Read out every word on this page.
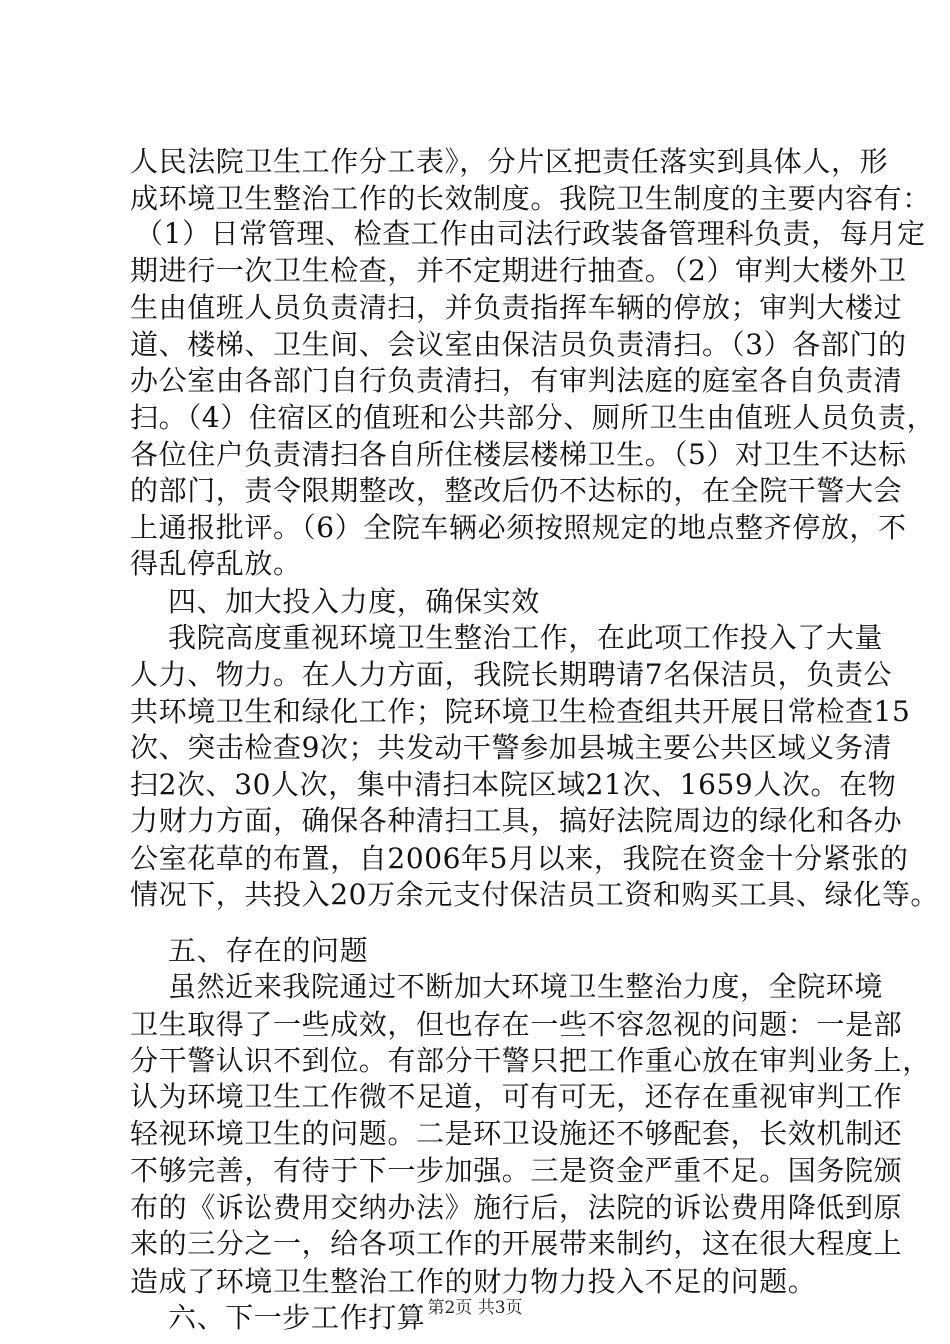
人民法院卫生工作分工表》，分片区把责任落实到具体人，形
成环境卫生整治工作的长效制度。我院卫生制度的主要内容有：
（1）日常管理、检查工作由司法行政装备管理科负责，每月定
期进行一次卫生检查，并不定期进行抽查。（2）审判大楼外卫
生由值班人员负责清扫，并负责指挥车辆的停放；审判大楼过
道、楼梯、卫生间、会议室由保洁员负责清扫。（3）各部门的
办公室由各部门自行负责清扫，有审判法庭的庭室各自负责清
扫。（4）住宿区的值班和公共部分、厕所卫生由值班人员负责，
各位住户负责清扫各自所住楼层楼梯卫生。（5）对卫生不达标
的部门，责令限期整改，整改后仍不达标的，在全院干警大会
上通报批评。（6）全院车辆必须按照规定的地点整齐停放，不
得乱停乱放。
四、加大投入力度，确保实效
我院高度重视环境卫生整治工作，在此项工作投入了大量
人力、物力。在人力方面，我院长期聘请7名保洁员，负责公
共环境卫生和绿化工作；院环境卫生检查组共开展日常检查15
次、突击检查9次；共发动干警参加县城主要公共区域义务清
扫2次、30人次，集中清扫本院区域21次、1659人次。在物
力财力方面，确保各种清扫工具，搞好法院周边的绿化和各办
公室花草的布置，自2006年5月以来，我院在资金十分紧张的
情况下，共投入20万余元支付保洁员工资和购买工具、绿化等。
五、存在的问题
虽然近来我院通过不断加大环境卫生整治力度，全院环境
卫生取得了一些成效，但也存在一些不容忽视的问题：一是部
分干警认识不到位。有部分干警只把工作重心放在审判业务上，
认为环境卫生工作微不足道，可有可无，还存在重视审判工作
轻视环境卫生的问题。二是环卫设施还不够配套，长效机制还
不够完善，有待于下一步加强。三是资金严重不足。国务院颁
布的《诉讼费用交纳办法》施行后，法院的诉讼费用降低到原
来的三分之一，给各项工作的开展带来制约，这在很大程度上
造成了环境卫生整治工作的财力物力投入不足的问题。
六、下一步工作打算 第2页 共3页
